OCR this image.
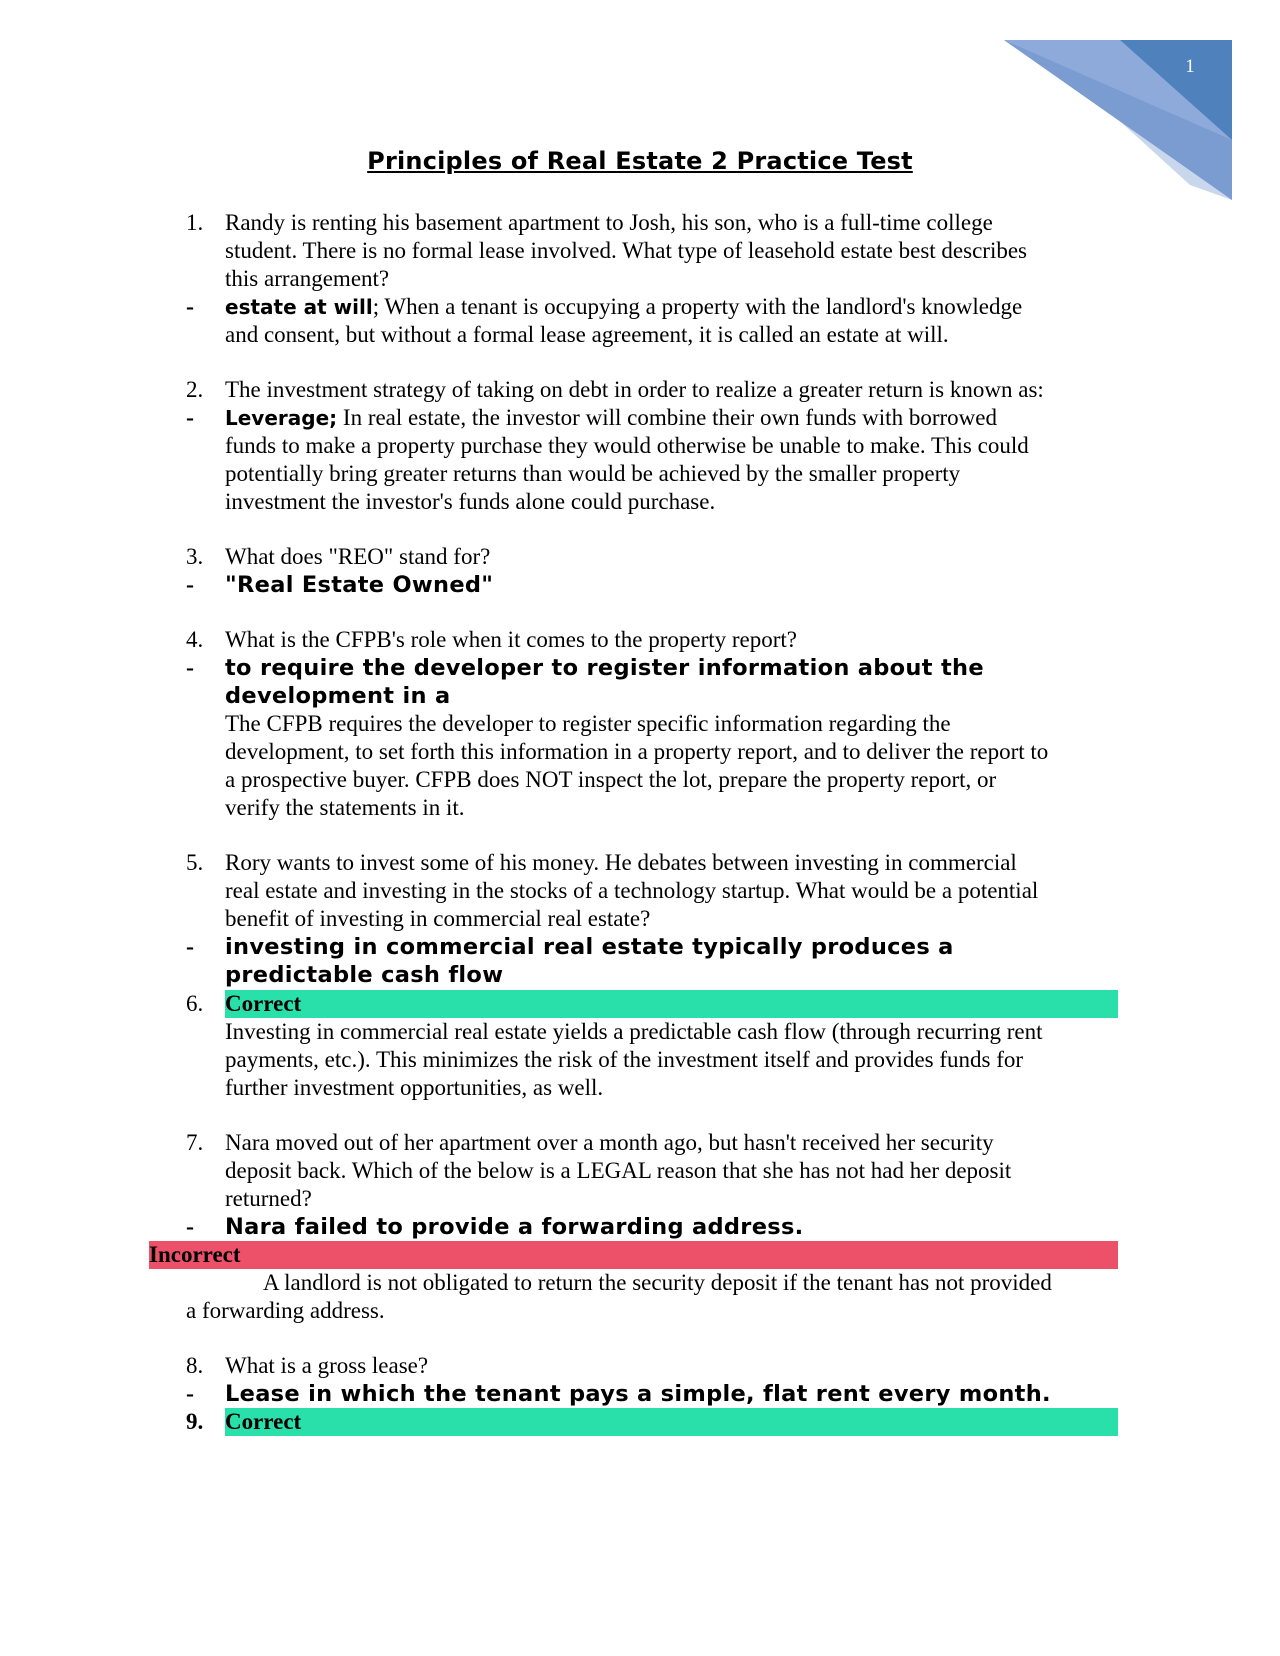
1
Principles of Real Estate 2 Practice Test
1. Randy is renting his basement apartment to Josh, his son, who is a full-time college
student. There is no formal lease involved. What type of leasehold estate best describes
this arrangement?
- estate at will; When a tenant is occupying a property with the landlord's knowledge
and consent, but without a formal lease agreement, it is called an estate at will.
2. The investment strategy of taking on debt in order to realize a greater return is known as:
- Leverage; In real estate, the investor will combine their own funds with borrowed
funds to make a property purchase they would otherwise be unable to make. This could
potentially bring greater returns than would be achieved by the smaller property
investment the investor's funds alone could purchase.
3. What does "REO" stand for?
- "Real Estate Owned"
4. What is the CFPB's role when it comes to the property report?
- to require the developer to register information about the
development in a
The CFPB requires the developer to register specific information regarding the
development, to set forth this information in a property report, and to deliver the report to
a prospective buyer. CFPB does NOT inspect the lot, prepare the property report, or
verify the statements in it.
5. Rory wants to invest some of his money. He debates between investing in commercial
real estate and investing in the stocks of a technology startup. What would be a potential
benefit of investing in commercial real estate?
- investing in commercial real estate typically produces a
predictable cash flow
6. Correct
Investing in commercial real estate yields a predictable cash flow (through recurring rent
payments, etc.). This minimizes the risk of the investment itself and provides funds for
further investment opportunities, as well.
7. Nara moved out of her apartment over a month ago, but hasn't received her security
deposit back. Which of the below is a LEGAL reason that she has not had her deposit
returned?
- Nara failed to provide a forwarding address.
Incorrect
A landlord is not obligated to return the security deposit if the tenant has not provided
a forwarding address.
8. What is a gross lease?
- Lease in which the tenant pays a simple, flat rent every month.
9. Correct
